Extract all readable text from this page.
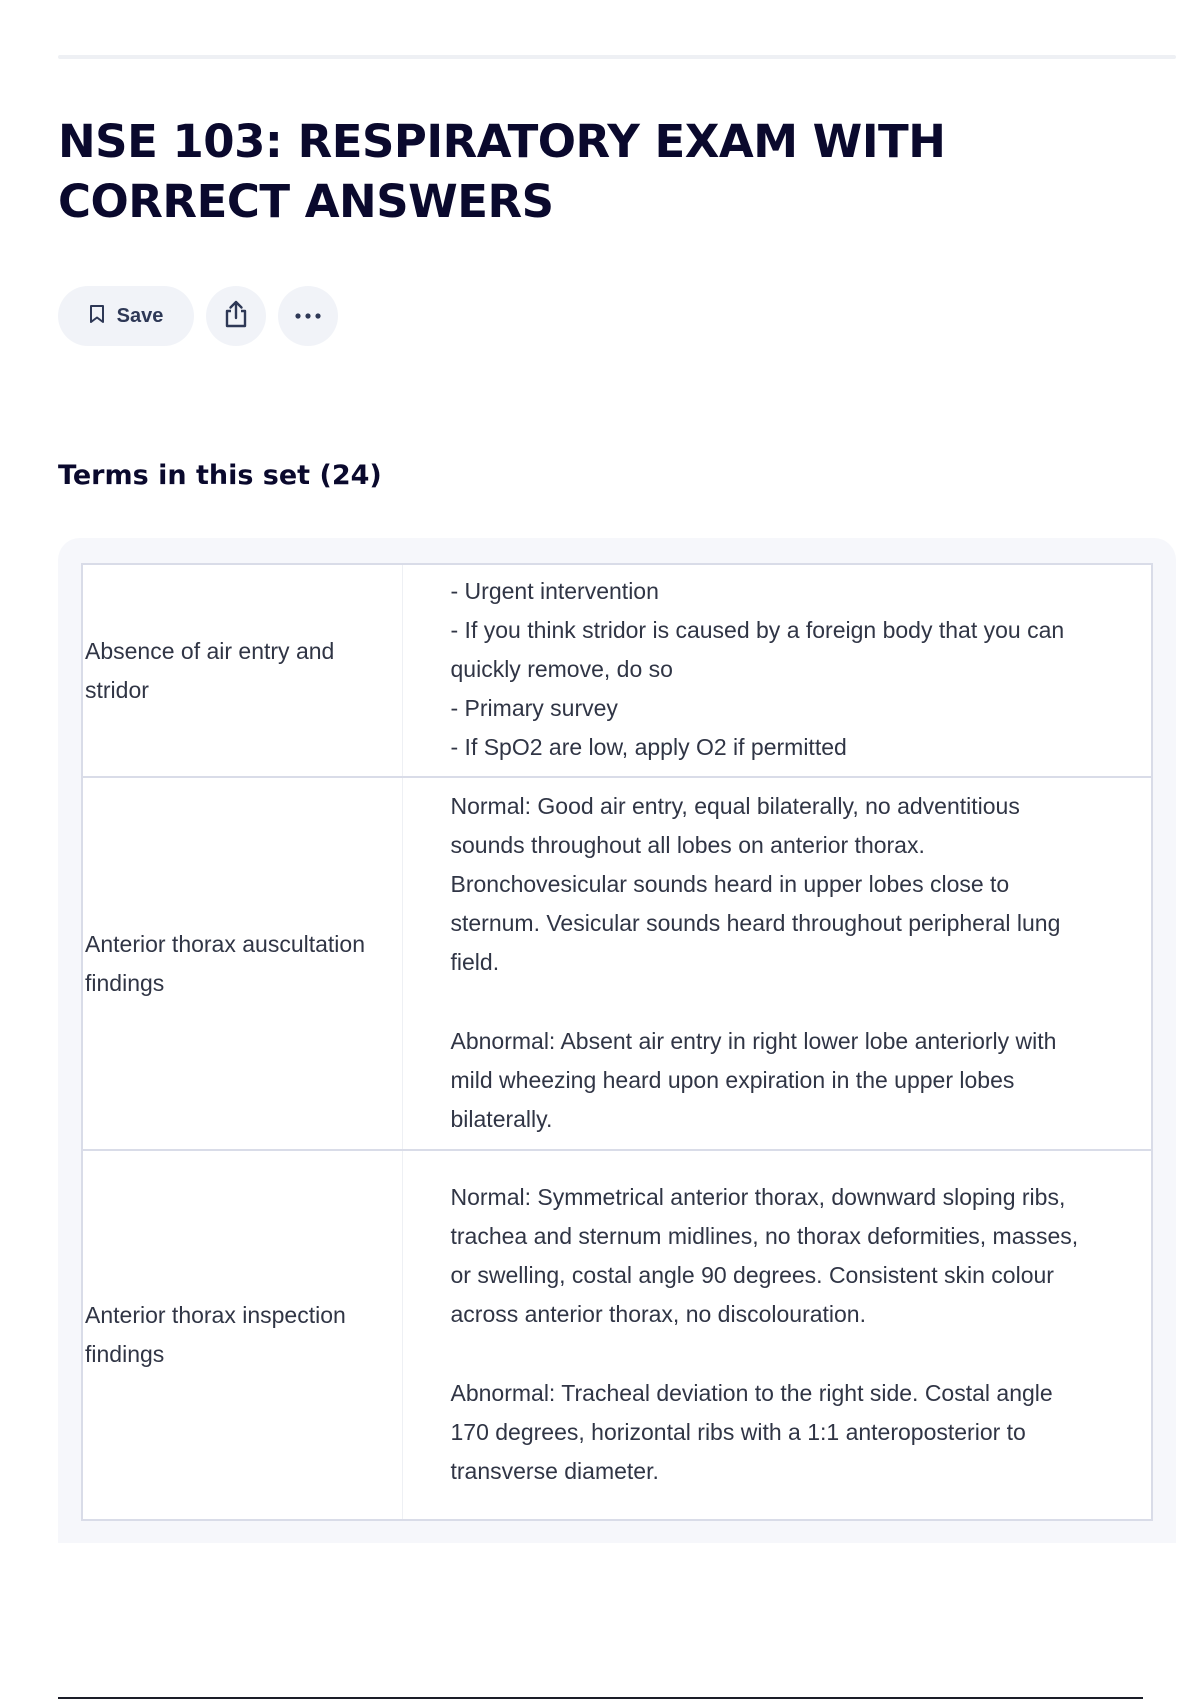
NSE 103: RESPIRATORY EXAM WITH CORRECT ANSWERS
Save
Terms in this set (24)
Absence of air entry and stridor	- Urgent intervention
- If you think stridor is caused by a foreign body that you can quickly remove, do so
- Primary survey
- If SpO2 are low, apply O2 if permitted

Anterior thorax auscultation findings	Normal: Good air entry, equal bilaterally, no adventitious sounds throughout all lobes on anterior thorax. Bronchovesicular sounds heard in upper lobes close to sternum. Vesicular sounds heard throughout peripheral lung field.
Abnormal: Absent air entry in right lower lobe anteriorly with mild wheezing heard upon expiration in the upper lobes bilaterally.

Anterior thorax inspection findings	Normal: Symmetrical anterior thorax, downward sloping ribs, trachea and sternum midlines, no thorax deformities, masses, or swelling, costal angle 90 degrees. Consistent skin colour across anterior thorax, no discolouration.
Abnormal: Tracheal deviation to the right side. Costal angle 170 degrees, horizontal ribs with a 1:1 anteroposterior to transverse diameter.
